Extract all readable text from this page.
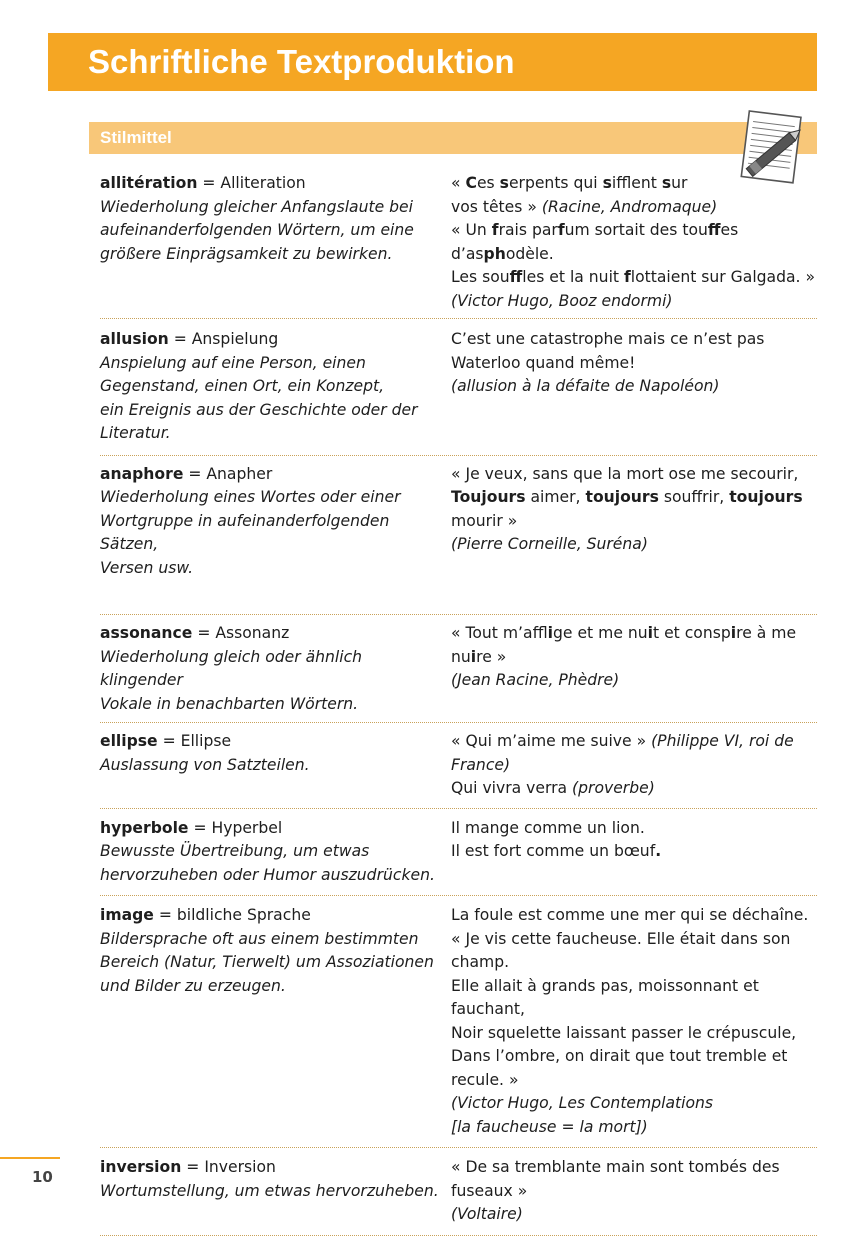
Schriftliche Textproduktion
Stilmittel
allitération = Alliteration
Wiederholung gleicher Anfangslaute bei
aufeinanderfolgenden Wörtern, um eine
größere Einprägsamkeit zu bewirken.
« Ces serpents qui sifflent sur
vos têtes » (Racine, Andromaque)
« Un frais parfum sortait des touffes
d’asphodèle.
Les souffles et la nuit flottaient sur Galgada. »
(Victor Hugo, Booz endormi)
allusion = Anspielung
Anspielung auf eine Person, einen
Gegenstand, einen Ort, ein Konzept,
ein Ereignis aus der Geschichte oder der
Literatur.
C’est une catastrophe mais ce n’est pas
Waterloo quand même!
(allusion à la défaite de Napoléon)
anaphore = Anapher
Wiederholung eines Wortes oder einer
Wortgruppe in aufeinanderfolgenden Sätzen,
Versen usw.
« Je veux, sans que la mort ose me secourir,
Toujours aimer, toujours souffrir, toujours
mourir »
(Pierre Corneille, Suréna)
assonance = Assonanz
Wiederholung gleich oder ähnlich klingender
Vokale in benachbarten Wörtern.
« Tout m’afflige et me nuit et conspire à me
nuire »
(Jean Racine, Phèdre)
ellipse = Ellipse
Auslassung von Satzteilen.
« Qui m’aime me suive » (Philippe VI, roi de
France)
Qui vivra verra (proverbe)
hyperbole = Hyperbel
Bewusste Übertreibung, um etwas
hervorzuheben oder Humor auszudrücken.
Il mange comme un lion.
Il est fort comme un bœuf.
image = bildliche Sprache
Bildersprache oft aus einem bestimmten
Bereich (Natur, Tierwelt) um Assoziationen
und Bilder zu erzeugen.
La foule est comme une mer qui se déchaîne.
« Je vis cette faucheuse. Elle était dans son
champ.
Elle allait à grands pas, moissonnant et
fauchant,
Noir squelette laissant passer le crépuscule,
Dans l’ombre, on dirait que tout tremble et
recule. »
(Victor Hugo, Les Contemplations
[la faucheuse = la mort])
inversion = Inversion
Wortumstellung, um etwas hervorzuheben.
« De sa tremblante main sont tombés des
fuseaux »
(Voltaire)
10
